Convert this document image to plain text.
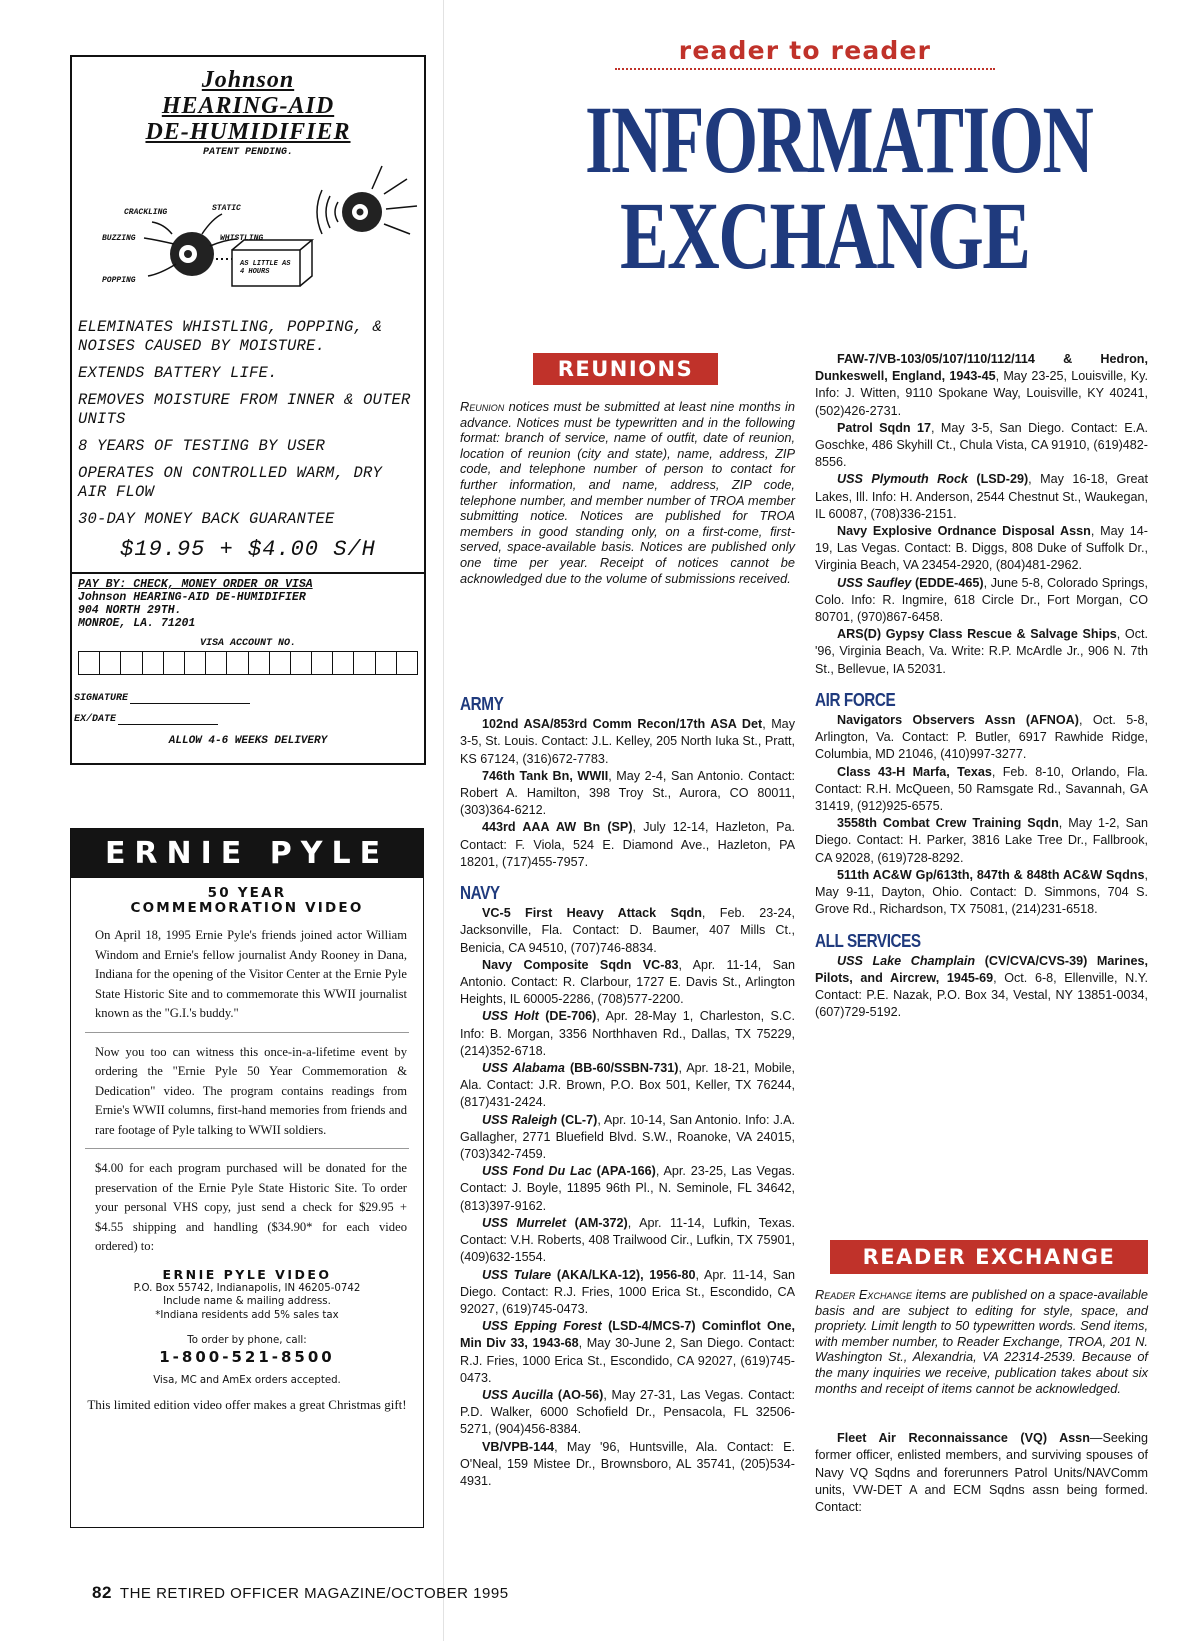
Johnson
HEARING-AID
DE-HUMIDIFIER
PATENT PENDING.
CRACKLING	STATIC
BUZZING	WHISTLING
POPPING
AS LITTLE AS 4 HOURS

ELEMINATES WHISTLING, POPPING, & NOISES CAUSED BY MOISTURE.

EXTENDS BATTERY LIFE.

REMOVES MOISTURE FROM INNER & OUTER UNITS

8 YEARS OF TESTING BY USER

OPERATES ON CONTROLLED WARM, DRY AIR FLOW

30-DAY MONEY BACK GUARANTEE

$19.95 + $4.00 S/H
PAY BY: CHECK, MONEY ORDER OR VISA
Johnson HEARING-AID DE-HUMIDIFIER
904 NORTH 29TH.
MONROE, LA. 71201
VISA ACCOUNT NO.
SIGNATURE
EX/DATE
ALLOW 4-6 WEEKS DELIVERY
ERNIE PYLE
50 YEAR
COMMEMORATION VIDEO

On April 18, 1995 Ernie Pyle's friends joined actor William Windom and Ernie's fellow journalist Andy Rooney in Dana, Indiana for the opening of the Visitor Center at the Ernie Pyle State Historic Site and to commemorate this WWII journalist known as the "G.I.'s buddy."

Now you too can witness this once-in-a-lifetime event by ordering the "Ernie Pyle 50 Year Commemoration & Dedication" video. The program contains readings from Ernie's WWII columns, first-hand memories from friends and rare footage of Pyle talking to WWII soldiers.

$4.00 for each program purchased will be donated for the preservation of the Ernie Pyle State Historic Site. To order your personal VHS copy, just send a check for $29.95 + $4.55 shipping and handling ($34.90* for each video ordered) to:

ERNIE PYLE VIDEO
P.O. Box 55742, Indianapolis, IN 46205-0742
Include name & mailing address.
*Indiana residents add 5% sales tax
To order by phone, call:
1-800-521-8500
Visa, MC and AmEx orders accepted.
This limited edition video offer makes a great Christmas gift!
82 THE RETIRED OFFICER MAGAZINE/OCTOBER 1995
reader to reader
INFORMATION
EXCHANGE
REUNIONS
READER EXCHANGE

Reunion notices must be submitted at least nine months in advance. Notices must be typewritten and in the following format: branch of service, name of outfit, date of reunion, location of reunion (city and state), name, address, ZIP code, and telephone number of person to contact for further information, and name, address, ZIP code, telephone number, and member number of TROA member submitting notice. Notices are published for TROA members in good standing only, on a first-come, first-served, space-available basis. Notices are published only one time per year. Receipt of notices cannot be acknowledged due to the volume of submissions received.

ARMY

102nd ASA/853rd Comm Recon/17th ASA Det, May 3-5, St. Louis. Contact: J.L. Kelley, 205 North Iuka St., Pratt, KS 67124, (316)672-7783.

746th Tank Bn, WWII, May 2-4, San Antonio. Contact: Robert A. Hamilton, 398 Troy St., Aurora, CO 80011, (303)364-6212.

443rd AAA AW Bn (SP), July 12-14, Hazleton, Pa. Contact: F. Viola, 524 E. Diamond Ave., Hazleton, PA 18201, (717)455-7957.

NAVY

VC-5 First Heavy Attack Sqdn, Feb. 23-24, Jacksonville, Fla. Contact: D. Baumer, 407 Mills Ct., Benicia, CA 94510, (707)746-8834.

Navy Composite Sqdn VC-83, Apr. 11-14, San Antonio. Contact: R. Clarbour, 1727 E. Davis St., Arlington Heights, IL 60005-2286, (708)577-2200.

USS Holt (DE-706), Apr. 28-May 1, Charleston, S.C. Info: B. Morgan, 3356 Northhaven Rd., Dallas, TX 75229, (214)352-6718.

USS Alabama (BB-60/SSBN-731), Apr. 18-21, Mobile, Ala. Contact: J.R. Brown, P.O. Box 501, Keller, TX 76244, (817)431-2424.

USS Raleigh (CL-7), Apr. 10-14, San Antonio. Info: J.A. Gallagher, 2771 Bluefield Blvd. S.W., Roanoke, VA 24015, (703)342-7459.

USS Fond Du Lac (APA-166), Apr. 23-25, Las Vegas. Contact: J. Boyle, 11895 96th Pl., N. Seminole, FL 34642, (813)397-9162.

USS Murrelet (AM-372), Apr. 11-14, Lufkin, Texas. Contact: V.H. Roberts, 408 Trailwood Cir., Lufkin, TX 75901, (409)632-1554.

USS Tulare (AKA/LKA-12), 1956-80, Apr. 11-14, San Diego. Contact: R.J. Fries, 1000 Erica St., Escondido, CA 92027, (619)745-0473.

USS Epping Forest (LSD-4/MCS-7) Cominflot One, Min Div 33, 1943-68, May 30-June 2, San Diego. Contact: R.J. Fries, 1000 Erica St., Escondido, CA 92027, (619)745-0473.

USS Aucilla (AO-56), May 27-31, Las Vegas. Contact: P.D. Walker, 6000 Schofield Dr., Pensacola, FL 32506-5271, (904)456-8384.

VB/VPB-144, May '96, Huntsville, Ala. Contact: E. O'Neal, 159 Mistee Dr., Brownsboro, AL 35741, (205)534-4931.

FAW-7/VB-103/05/107/110/112/114 & Hedron, Dunkeswell, England, 1943-45, May 23-25, Louisville, Ky. Info: J. Witten, 9110 Spokane Way, Louisville, KY 40241, (502)426-2731.

Patrol Sqdn 17, May 3-5, San Diego. Contact: E.A. Goschke, 486 Skyhill Ct., Chula Vista, CA 91910, (619)482-8556.

USS Plymouth Rock (LSD-29), May 16-18, Great Lakes, Ill. Info: H. Anderson, 2544 Chestnut St., Waukegan, IL 60087, (708)336-2151.

Navy Explosive Ordnance Disposal Assn, May 14-19, Las Vegas. Contact: B. Diggs, 808 Duke of Suffolk Dr., Virginia Beach, VA 23454-2920, (804)481-2962.

USS Saufley (EDDE-465), June 5-8, Colorado Springs, Colo. Info: R. Ingmire, 618 Circle Dr., Fort Morgan, CO 80701, (970)867-6458.

ARS(D) Gypsy Class Rescue & Salvage Ships, Oct. '96, Virginia Beach, Va. Write: R.P. McArdle Jr., 906 N. 7th St., Bellevue, IA 52031.

AIR FORCE

Navigators Observers Assn (AFNOA), Oct. 5-8, Arlington, Va. Contact: P. Butler, 6917 Rawhide Ridge, Columbia, MD 21046, (410)997-3277.

Class 43-H Marfa, Texas, Feb. 8-10, Orlando, Fla. Contact: R.H. McQueen, 50 Ramsgate Rd., Savannah, GA 31419, (912)925-6575.

3558th Combat Crew Training Sqdn, May 1-2, San Diego. Contact: H. Parker, 3816 Lake Tree Dr., Fallbrook, CA 92028, (619)728-8292.

511th AC&W Gp/613th, 847th & 848th AC&W Sqdns, May 9-11, Dayton, Ohio. Contact: D. Simmons, 704 S. Grove Rd., Richardson, TX 75081, (214)231-6518.

ALL SERVICES

USS Lake Champlain (CV/CVA/CVS-39) Marines, Pilots, and Aircrew, 1945-69, Oct. 6-8, Ellenville, N.Y. Contact: P.E. Nazak, P.O. Box 34, Vestal, NY 13851-0034, (607)729-5192.

Reader Exchange items are published on a space-available basis and are subject to editing for style, space, and propriety. Limit length to 50 typewritten words. Send items, with member number, to Reader Exchange, TROA, 201 N. Washington St., Alexandria, VA 22314-2539. Because of the many inquiries we receive, publication takes about six months and receipt of items cannot be acknowledged.

Fleet Air Reconnaissance (VQ) Assn—Seeking former officer, enlisted members, and surviving spouses of Navy VQ Sqdns and forerunners Patrol Units/NAVComm units, VW-DET A and ECM Sqdns assn being formed. Contact:
